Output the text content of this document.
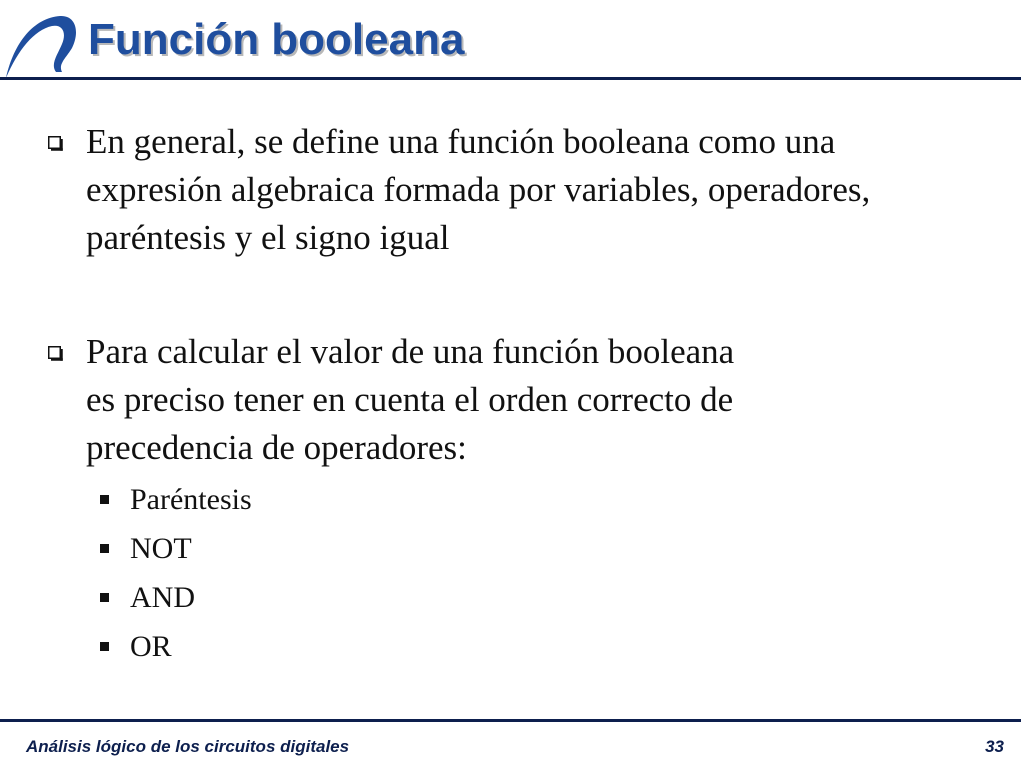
Función booleana
En general, se define una función booleana como una
expresión algebraica formada por variables, operadores,
paréntesis y el signo igual
Para calcular el valor de una función booleana
es preciso tener en cuenta el orden correcto de
precedencia de operadores:
Paréntesis
NOT
AND
OR
Análisis lógico de los circuitos digitales	33
